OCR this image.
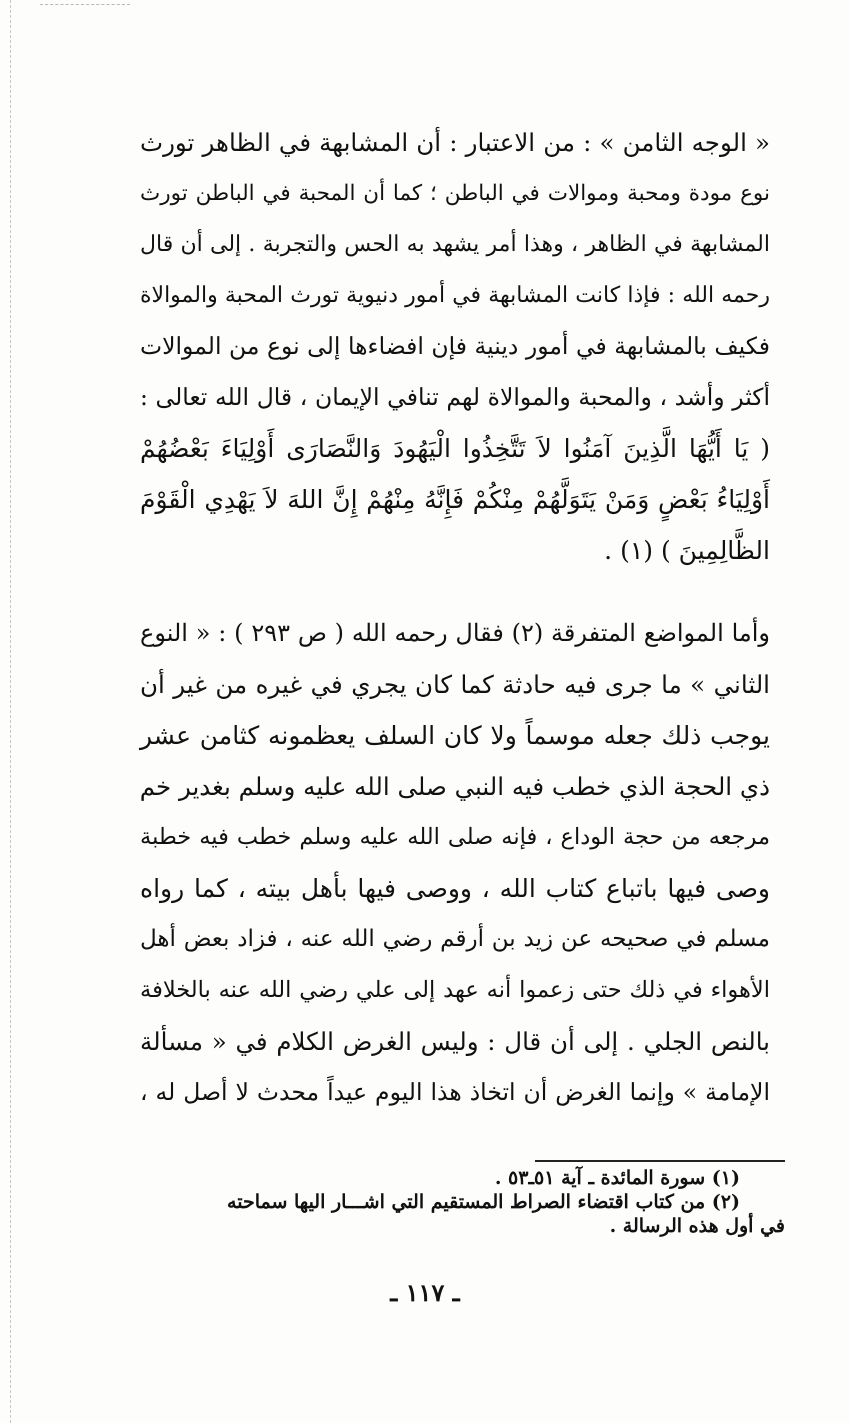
« الوجه الثامن » : من الاعتبار : أن المشابهة في الظاهر تورث
نوع مودة ومحبة وموالات في الباطن ؛ كما أن المحبة في الباطن تورث
المشابهة في الظاهر ، وهذا أمر يشهد به الحس والتجربة . إلى أن قال
رحمه الله : فإذا كانت المشابهة في أمور دنيوية تورث المحبة والموالاة
فكيف بالمشابهة في أمور دينية فإن افضاءها إلى نوع من الموالات
أكثر وأشد ، والمحبة والموالاة لهم تنافي الإيمان ، قال الله تعالى :
( يَا أَيُّهَا الَّذِينَ آمَنُوا لاَ تَتَّخِذُوا الْيَهُودَ وَالنَّصَارَى أَوْلِيَاءَ بَعْضُهُمْ
أَوْلِيَاءُ بَعْضٍ وَمَنْ يَتَوَلَّهُمْ مِنْكُمْ فَإِنَّهُ مِنْهُمْ إِنَّ اللهَ لاَ يَهْدِي الْقَوْمَ
الظَّالِمِينَ ) (١) .
وأما المواضع المتفرقة (٢) فقال رحمه الله ( ص ٢٩٣ ) : « النوع
الثاني » ما جرى فيه حادثة كما كان يجري في غيره من غير أن
يوجب ذلك جعله موسماً ولا كان السلف يعظمونه كثامن عشر
ذي الحجة الذي خطب فيه النبي صلى الله عليه وسلم بغدير خم
مرجعه من حجة الوداع ، فإنه صلى الله عليه وسلم خطب فيه خطبة
وصى فيها باتباع كتاب الله ، ووصى فيها بأهل بيته ، كما رواه
مسلم في صحيحه عن زيد بن أرقم رضي الله عنه ، فزاد بعض أهل
الأهواء في ذلك حتى زعموا أنه عهد إلى علي رضي الله عنه بالخلافة
بالنص الجلي . إلى أن قال : وليس الغرض الكلام في « مسألة
الإمامة » وإنما الغرض أن اتخاذ هذا اليوم عيداً محدث لا أصل له ،
(١) سورة المائدة ـ آية ٥١ـ٥٣ .
(٢) من كتاب اقتضاء الصراط المستقيم التي اشـــار اليها سماحته
في أول هذه الرسالة .
ـ ١١٧ ـ
